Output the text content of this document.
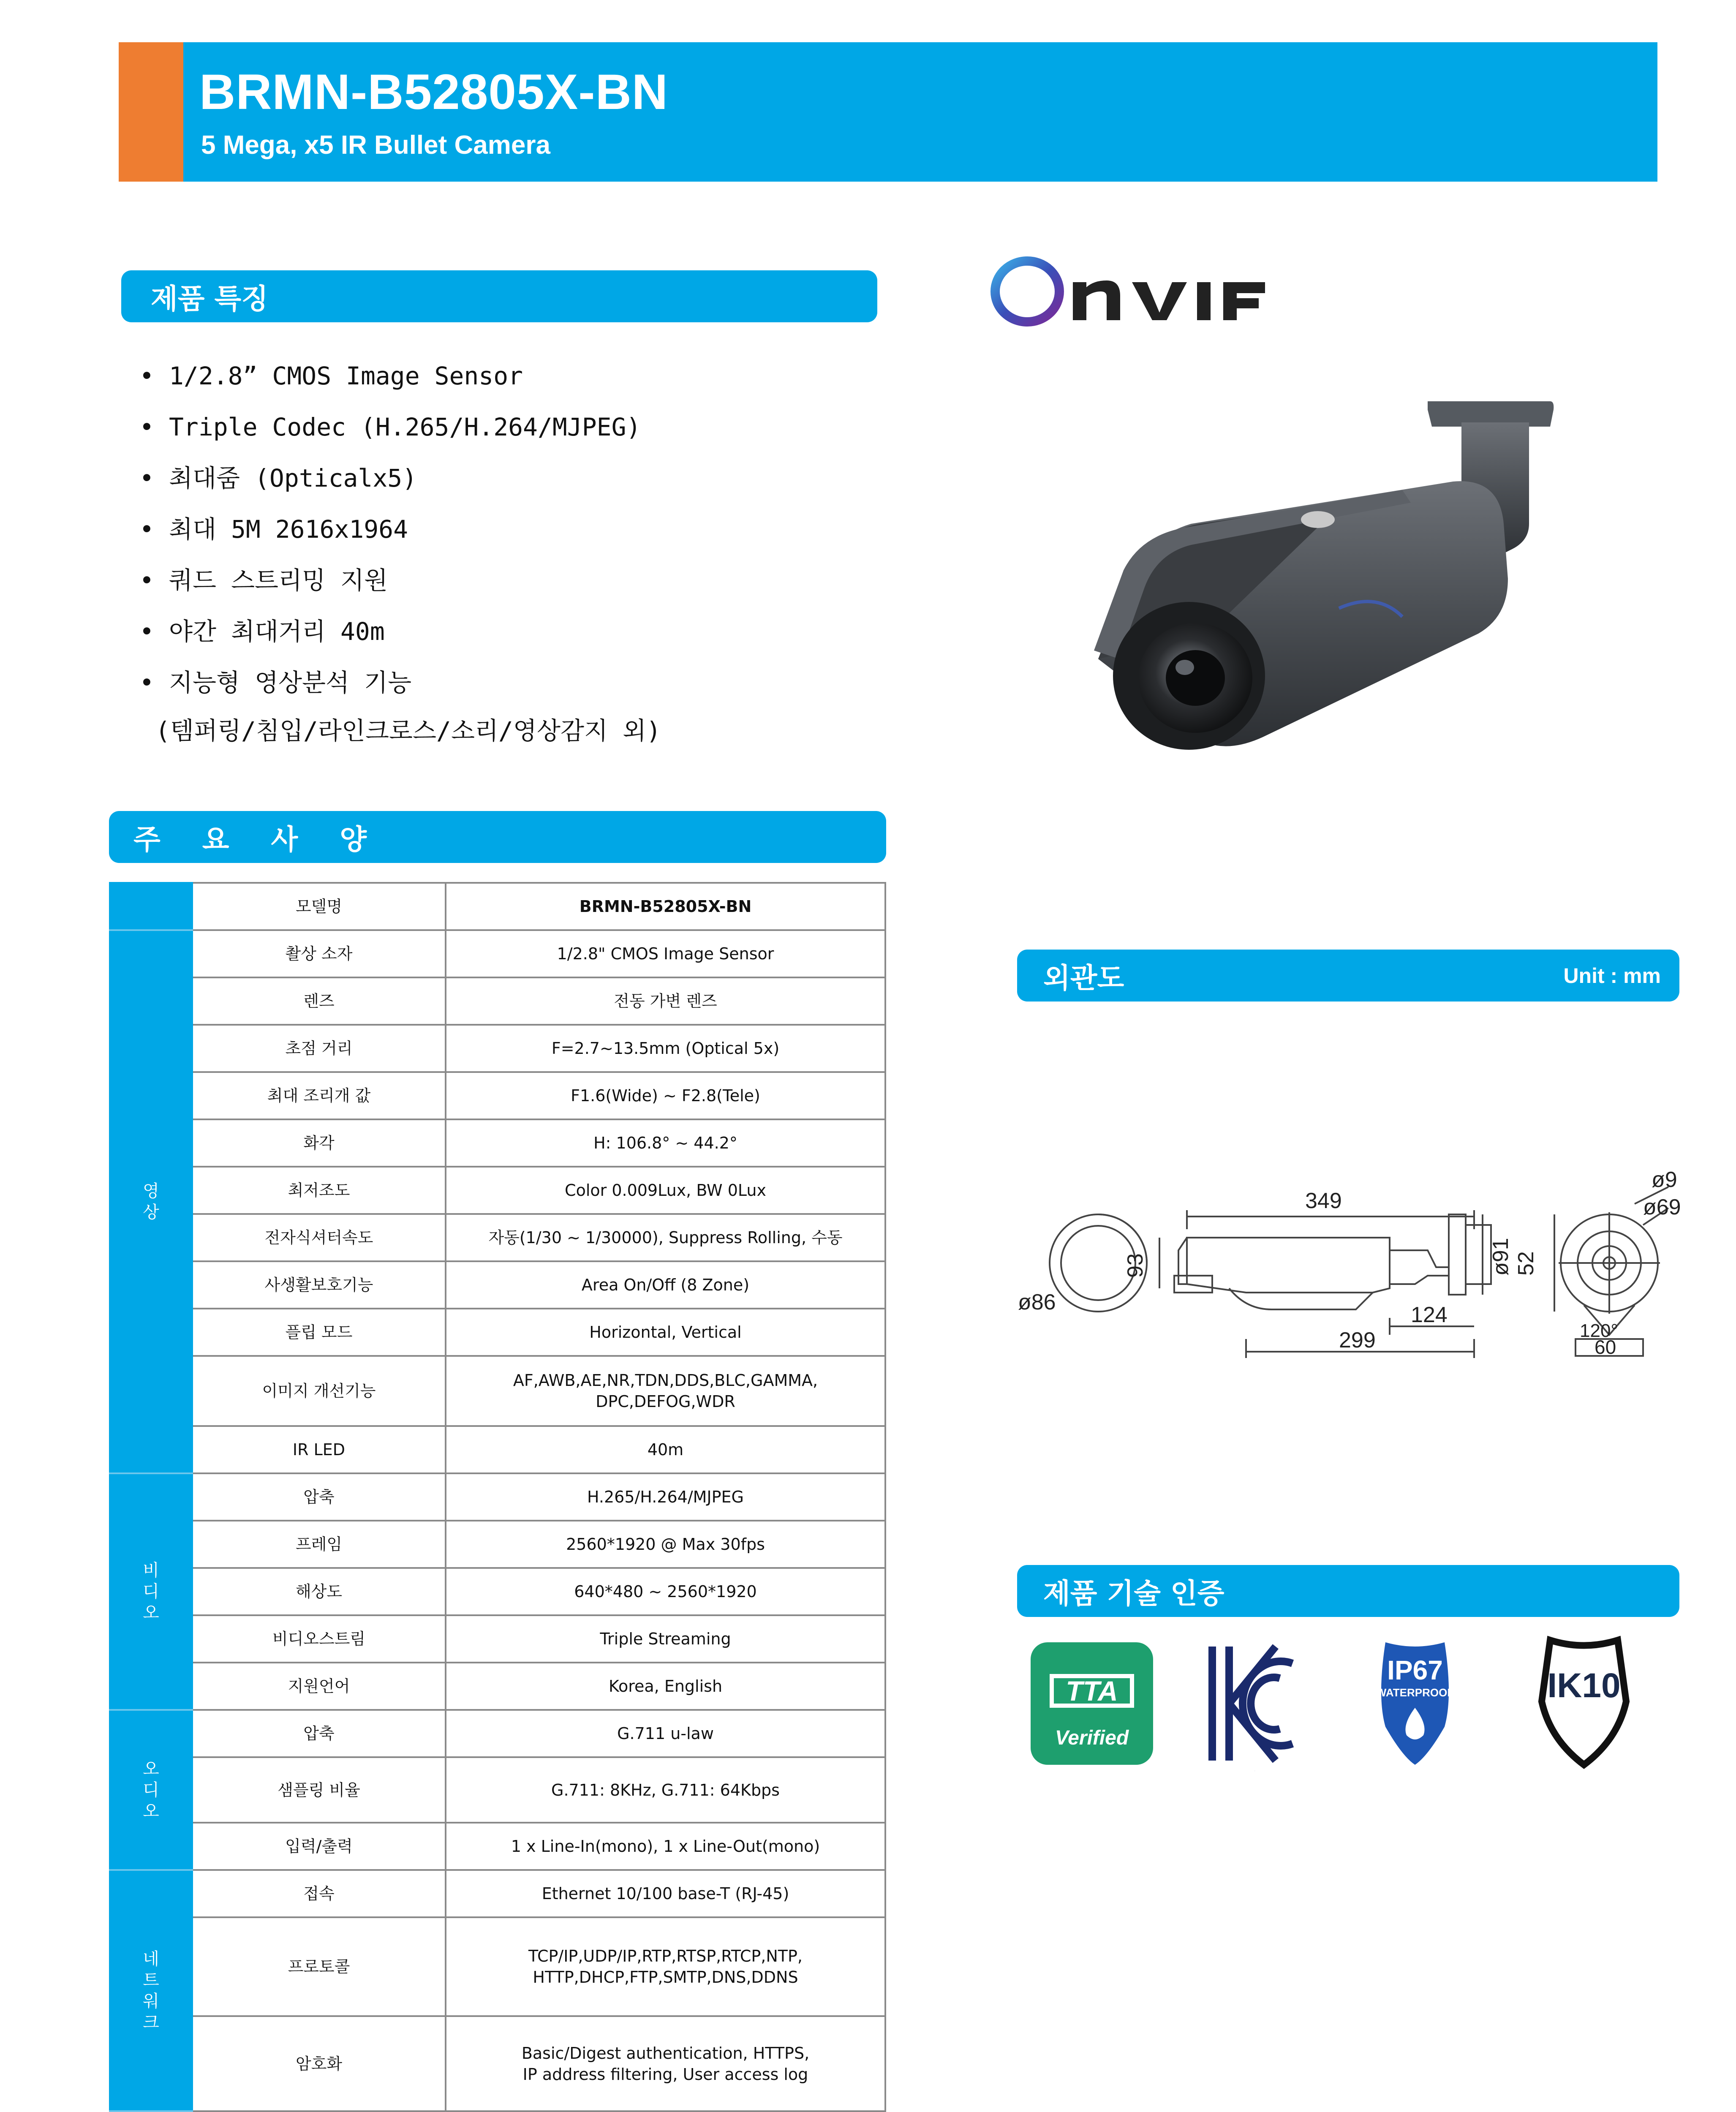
BRMN-B52805X-BN
5 Mega, x5 IR Bullet Camera
제품 특징
• 1/2.8” CMOS Image Sensor
• Triple Codec (H.265/H.264/MJPEG)
• 최대줌 (Opticalx5)
• 최대 5M 2616x1964
• 쿼드 스트리밍 지원
• 야간 최대거리 40m
• 지능형 영상분석 기능
(템퍼링/침입/라인크로스/소리/영상감지 외)
주 요 사 양
	모델명	BRMN-B52805X-BN
영상	촬상 소자	1/2.8" CMOS Image Sensor
	렌즈	전동 가변 렌즈
	초점 거리	F=2.7~13.5mm (Optical 5x)
	최대 조리개 값	F1.6(Wide) ~ F2.8(Tele)
	화각	H: 106.8° ~ 44.2°
	최저조도	Color 0.009Lux, BW 0Lux
	전자식셔터속도	자동(1/30 ~ 1/30000), Suppress Rolling, 수동
	사생활보호기능	Area On/Off (8 Zone)
	플립 모드	Horizontal, Vertical
	이미지 개선기능	AF,AWB,AE,NR,TDN,DDS,BLC,GAMMA,
DPC,DEFOG,WDR

	IR LED	40m
비디오	압축	H.265/H.264/MJPEG
	프레임	2560*1920 @ Max 30fps
	해상도	640*480 ~ 2560*1920
	비디오스트림	Triple Streaming
	지원언어	Korea, English
오디오	압축	G.711 u-law
	샘플링 비율	G.711: 8KHz, G.711: 64Kbps
	입력/출력	1 x Line-In(mono), 1 x Line-Out(mono)
네트워크	접속	Ethernet 10/100 base-T (RJ-45)
	프로토콜	TCP/IP,UDP/IP,RTP,RTSP,RTCP,NTP,
HTTP,DHCP,FTP,SMTP,DNS,DDNS

	암호화	Basic/Digest authentication, HTTPS,
IP address filtering, User access log

외관도	Unit : mm
349
299
124
93	ø91
ø86
52
ø9
ø69
120°
60
제품 기술 인증
TTA
Verified
KC
IP67
WATERPROOF	IK10
